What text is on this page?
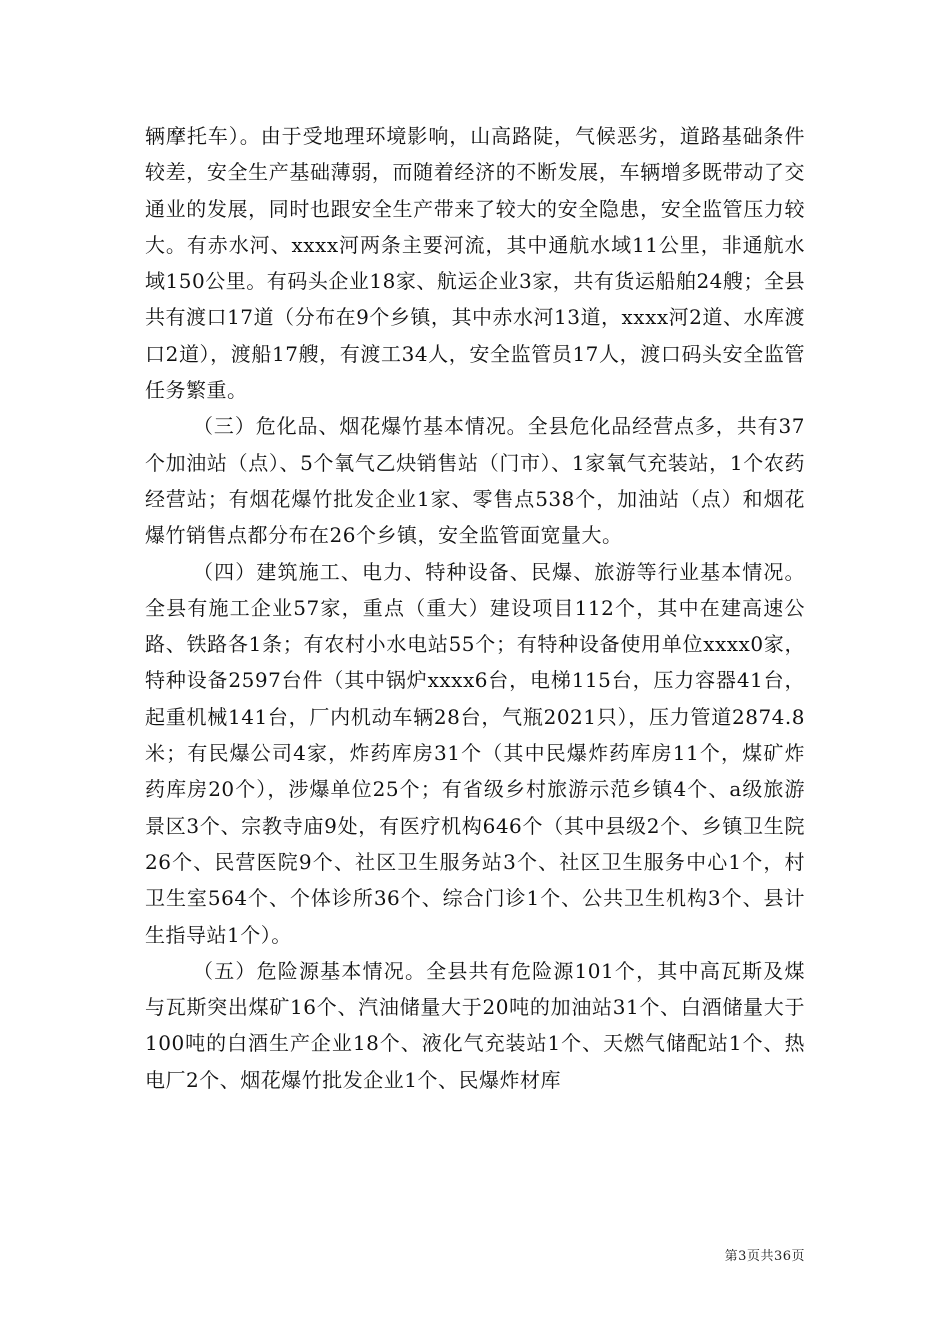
辆摩托车）。由于受地理环境影响，山高路陡，气候恶劣，道路基础条件较差，安全生产基础薄弱，而随着经济的不断发展，车辆增多既带动了交通业的发展，同时也跟安全生产带来了较大的安全隐患，安全监管压力较大。有赤水河、xxxx河两条主要河流，其中通航水域11公里，非通航水域150公里。有码头企业18家、航运企业3家，共有货运船舶24艘；全县共有渡口17道（分布在9个乡镇，其中赤水河13道，xxxx河2道、水库渡口2道），渡船17艘，有渡工34人，安全监管员17人，渡口码头安全监管任务繁重。

（三）危化品、烟花爆竹基本情况。全县危化品经营点多，共有37个加油站（点）、5个氧气乙炔销售站（门市）、1家氧气充装站，1个农药经营站；有烟花爆竹批发企业1家、零售点538个，加油站（点）和烟花爆竹销售点都分布在26个乡镇，安全监管面宽量大。

（四）建筑施工、电力、特种设备、民爆、旅游等行业基本情况。全县有施工企业57家，重点（重大）建设项目112个，其中在建高速公路、铁路各1条；有农村小水电站55个；有特种设备使用单位xxxx0家，特种设备2597台件（其中锅炉xxxx6台，电梯115台，压力容器41台，起重机械141台，厂内机动车辆28台，气瓶2021只），压力管道2874.8米；有民爆公司4家，炸药库房31个（其中民爆炸药库房11个，煤矿炸药库房20个），涉爆单位25个；有省级乡村旅游示范乡镇4个、a级旅游景区3个、宗教寺庙9处，有医疗机构646个（其中县级2个、乡镇卫生院26个、民营医院9个、社区卫生服务站3个、社区卫生服务中心1个，村卫生室564个、个体诊所36个、综合门诊1个、公共卫生机构3个、县计生指导站1个）。

（五）危险源基本情况。全县共有危险源101个，其中高瓦斯及煤与瓦斯突出煤矿16个、汽油储量大于20吨的加油站31个、白酒储量大于100吨的白酒生产企业18个、液化气充装站1个、天燃气储配站1个、热电厂2个、烟花爆竹批发企业1个、民爆炸材库

第3页共36页
